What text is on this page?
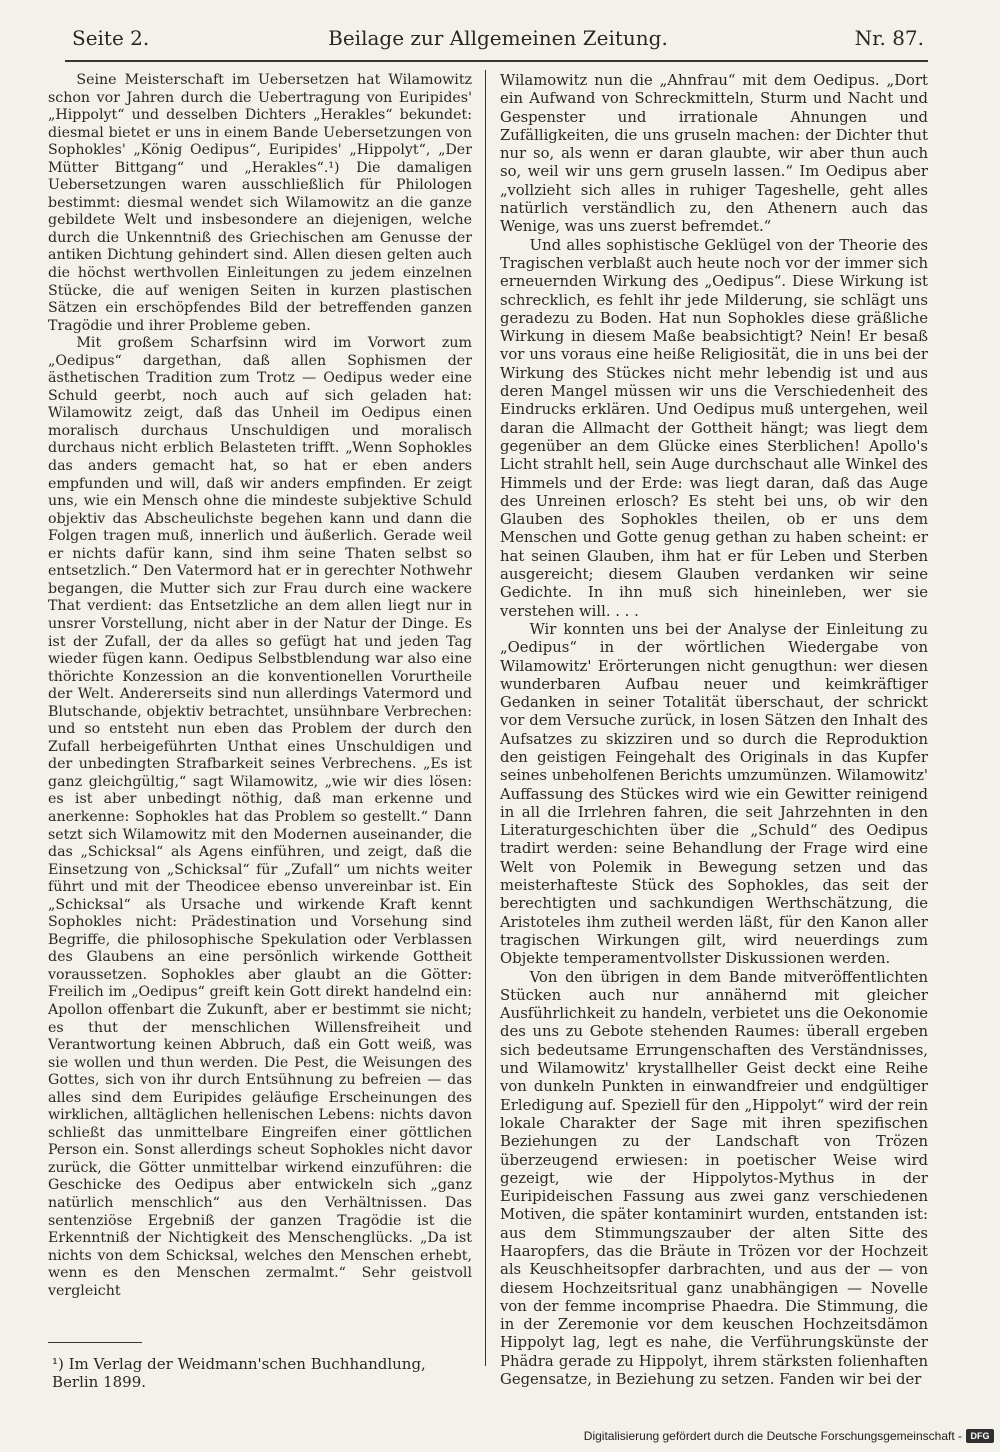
Seite 2.	Beilage zur Allgemeinen Zeitung.	Nr. 87.

Seine Meisterschaft im Uebersetzen hat Wilamowitz schon vor Jahren durch die Uebertragung von Euripides' „Hippolyt“ und desselben Dichters „Herakles“ bekundet: diesmal bietet er uns in einem Bande Uebersetzungen von Sophokles' „König Oedipus“, Euripides' „Hippolyt“, „Der Mütter Bittgang“ und „Herakles“.¹) Die damaligen Uebersetzungen waren ausschließlich für Philologen bestimmt: diesmal wendet sich Wilamowitz an die ganze gebildete Welt und insbesondere an diejenigen, welche durch die Unkenntniß des Griechischen am Genusse der antiken Dichtung gehindert sind. Allen diesen gelten auch die höchst werthvollen Einleitungen zu jedem einzelnen Stücke, die auf wenigen Seiten in kurzen plastischen Sätzen ein erschöpfendes Bild der betreffenden ganzen Tragödie und ihrer Probleme geben.

Mit großem Scharfsinn wird im Vorwort zum „Oedipus“ dargethan, daß allen Sophismen der ästhetischen Tradition zum Trotz — Oedipus weder eine Schuld geerbt, noch auch auf sich geladen hat: Wilamowitz zeigt, daß das Unheil im Oedipus einen moralisch durchaus Unschuldigen und moralisch durchaus nicht erblich Belasteten trifft. „Wenn Sophokles das anders gemacht hat, so hat er eben anders empfunden und will, daß wir anders empfinden. Er zeigt uns, wie ein Mensch ohne die mindeste subjektive Schuld objektiv das Abscheulichste begehen kann und dann die Folgen tragen muß, innerlich und äußerlich. Gerade weil er nichts dafür kann, sind ihm seine Thaten selbst so entsetzlich.“ Den Vatermord hat er in gerechter Nothwehr begangen, die Mutter sich zur Frau durch eine wackere That verdient: das Entsetzliche an dem allen liegt nur in unsrer Vorstellung, nicht aber in der Natur der Dinge. Es ist der Zufall, der da alles so gefügt hat und jeden Tag wieder fügen kann. Oedipus Selbstblendung war also eine thörichte Konzession an die konventionellen Vorurtheile der Welt. Andererseits sind nun allerdings Vatermord und Blutschande, objektiv betrachtet, unsühnbare Verbrechen: und so entsteht nun eben das Problem der durch den Zufall herbeigeführten Unthat eines Unschuldigen und der unbedingten Strafbarkeit seines Verbrechens. „Es ist ganz gleichgültig,“ sagt Wilamowitz, „wie wir dies lösen: es ist aber unbedingt nöthig, daß man erkenne und anerkenne: Sophokles hat das Problem so gestellt.“ Dann setzt sich Wilamowitz mit den Modernen auseinander, die das „Schicksal“ als Agens einführen, und zeigt, daß die Einsetzung von „Schicksal“ für „Zufall“ um nichts weiter führt und mit der Theodicee ebenso unvereinbar ist. Ein „Schicksal“ als Ursache und wirkende Kraft kennt Sophokles nicht: Prädestination und Vorsehung sind Begriffe, die philosophische Spekulation oder Verblassen des Glaubens an eine persönlich wirkende Gottheit voraussetzen. Sophokles aber glaubt an die Götter: Freilich im „Oedipus“ greift kein Gott direkt handelnd ein: Apollon offenbart die Zukunft, aber er bestimmt sie nicht; es thut der menschlichen Willensfreiheit und Verantwortung keinen Abbruch, daß ein Gott weiß, was sie wollen und thun werden. Die Pest, die Weisungen des Gottes, sich von ihr durch Entsühnung zu befreien — das alles sind dem Euripides geläufige Erscheinungen des wirklichen, alltäglichen hellenischen Lebens: nichts davon schließt das unmittelbare Eingreifen einer göttlichen Person ein. Sonst allerdings scheut Sophokles nicht davor zurück, die Götter unmittelbar wirkend einzuführen: die Geschicke des Oedipus aber entwickeln sich „ganz natürlich menschlich“ aus den Verhältnissen. Das sentenziöse Ergebniß der ganzen Tragödie ist die Erkenntniß der Nichtigkeit des Menschenglücks. „Da ist nichts von dem Schicksal, welches den Menschen erhebt, wenn es den Menschen zermalmt.“ Sehr geistvoll vergleicht

Wilamowitz nun die „Ahnfrau“ mit dem Oedipus. „Dort ein Aufwand von Schreckmitteln, Sturm und Nacht und Gespenster und irrationale Ahnungen und Zufälligkeiten, die uns gruseln machen: der Dichter thut nur so, als wenn er daran glaubte, wir aber thun auch so, weil wir uns gern gruseln lassen.“ Im Oedipus aber „vollzieht sich alles in ruhiger Tageshelle, geht alles natürlich verständlich zu, den Athenern auch das Wenige, was uns zuerst befremdet.“

Und alles sophistische Geklügel von der Theorie des Tragischen verblaßt auch heute noch vor der immer sich erneuernden Wirkung des „Oedipus“. Diese Wirkung ist schrecklich, es fehlt ihr jede Milderung, sie schlägt uns geradezu zu Boden. Hat nun Sophokles diese gräßliche Wirkung in diesem Maße beabsichtigt? Nein! Er besaß vor uns voraus eine heiße Religiosität, die in uns bei der Wirkung des Stückes nicht mehr lebendig ist und aus deren Mangel müssen wir uns die Verschiedenheit des Eindrucks erklären. Und Oedipus muß untergehen, weil daran die Allmacht der Gottheit hängt; was liegt dem gegenüber an dem Glücke eines Sterblichen! Apollo's Licht strahlt hell, sein Auge durchschaut alle Winkel des Himmels und der Erde: was liegt daran, daß das Auge des Unreinen erlosch? Es steht bei uns, ob wir den Glauben des Sophokles theilen, ob er uns dem Menschen und Gotte genug gethan zu haben scheint: er hat seinen Glauben, ihm hat er für Leben und Sterben ausgereicht; diesem Glauben verdanken wir seine Gedichte. In ihn muß sich hineinleben, wer sie verstehen will. . . .

Wir konnten uns bei der Analyse der Einleitung zu „Oedipus“ in der wörtlichen Wiedergabe von Wilamowitz' Erörterungen nicht genugthun: wer diesen wunderbaren Aufbau neuer und keimkräftiger Gedanken in seiner Totalität überschaut, der schrickt vor dem Versuche zurück, in losen Sätzen den Inhalt des Aufsatzes zu skizziren und so durch die Reproduktion den geistigen Feingehalt des Originals in das Kupfer seines unbeholfenen Berichts umzumünzen. Wilamowitz' Auffassung des Stückes wird wie ein Gewitter reinigend in all die Irrlehren fahren, die seit Jahrzehnten in den Literaturgeschichten über die „Schuld“ des Oedipus tradirt werden: seine Behandlung der Frage wird eine Welt von Polemik in Bewegung setzen und das meisterhafteste Stück des Sophokles, das seit der berechtigten und sachkundigen Werthschätzung, die Aristoteles ihm zutheil werden läßt, für den Kanon aller tragischen Wirkungen gilt, wird neuerdings zum Objekte temperamentvollster Diskussionen werden.

Von den übrigen in dem Bande mitveröffentlichten Stücken auch nur annähernd mit gleicher Ausführlichkeit zu handeln, verbietet uns die Oekonomie des uns zu Gebote stehenden Raumes: überall ergeben sich bedeutsame Errungenschaften des Verständnisses, und Wilamowitz' krystallheller Geist deckt eine Reihe von dunkeln Punkten in einwandfreier und endgültiger Erledigung auf. Speziell für den „Hippolyt“ wird der rein lokale Charakter der Sage mit ihren spezifischen Beziehungen zu der Landschaft von Trözen überzeugend erwiesen: in poetischer Weise wird gezeigt, wie der Hippolytos-Mythus in der Euripideischen Fassung aus zwei ganz verschiedenen Motiven, die später kontaminirt wurden, entstanden ist: aus dem Stimmungszauber der alten Sitte des Haaropfers, das die Bräute in Trözen vor der Hochzeit als Keuschheitsopfer darbrachten, und aus der — von diesem Hochzeitsritual ganz unabhängigen — Novelle von der femme incomprise Phaedra. Die Stimmung, die in der Zeremonie vor dem keuschen Hochzeitsdämon Hippolyt lag, legt es nahe, die Verführungskünste der Phädra gerade zu Hippolyt, ihrem stärksten folienhaften Gegensatze, in Beziehung zu setzen. Fanden wir bei der

¹) Im Verlag der Weidmann'schen Buchhandlung, Berlin 1899.
Digitalisierung gefördert durch die Deutsche Forschungsgemeinschaft - DFG
